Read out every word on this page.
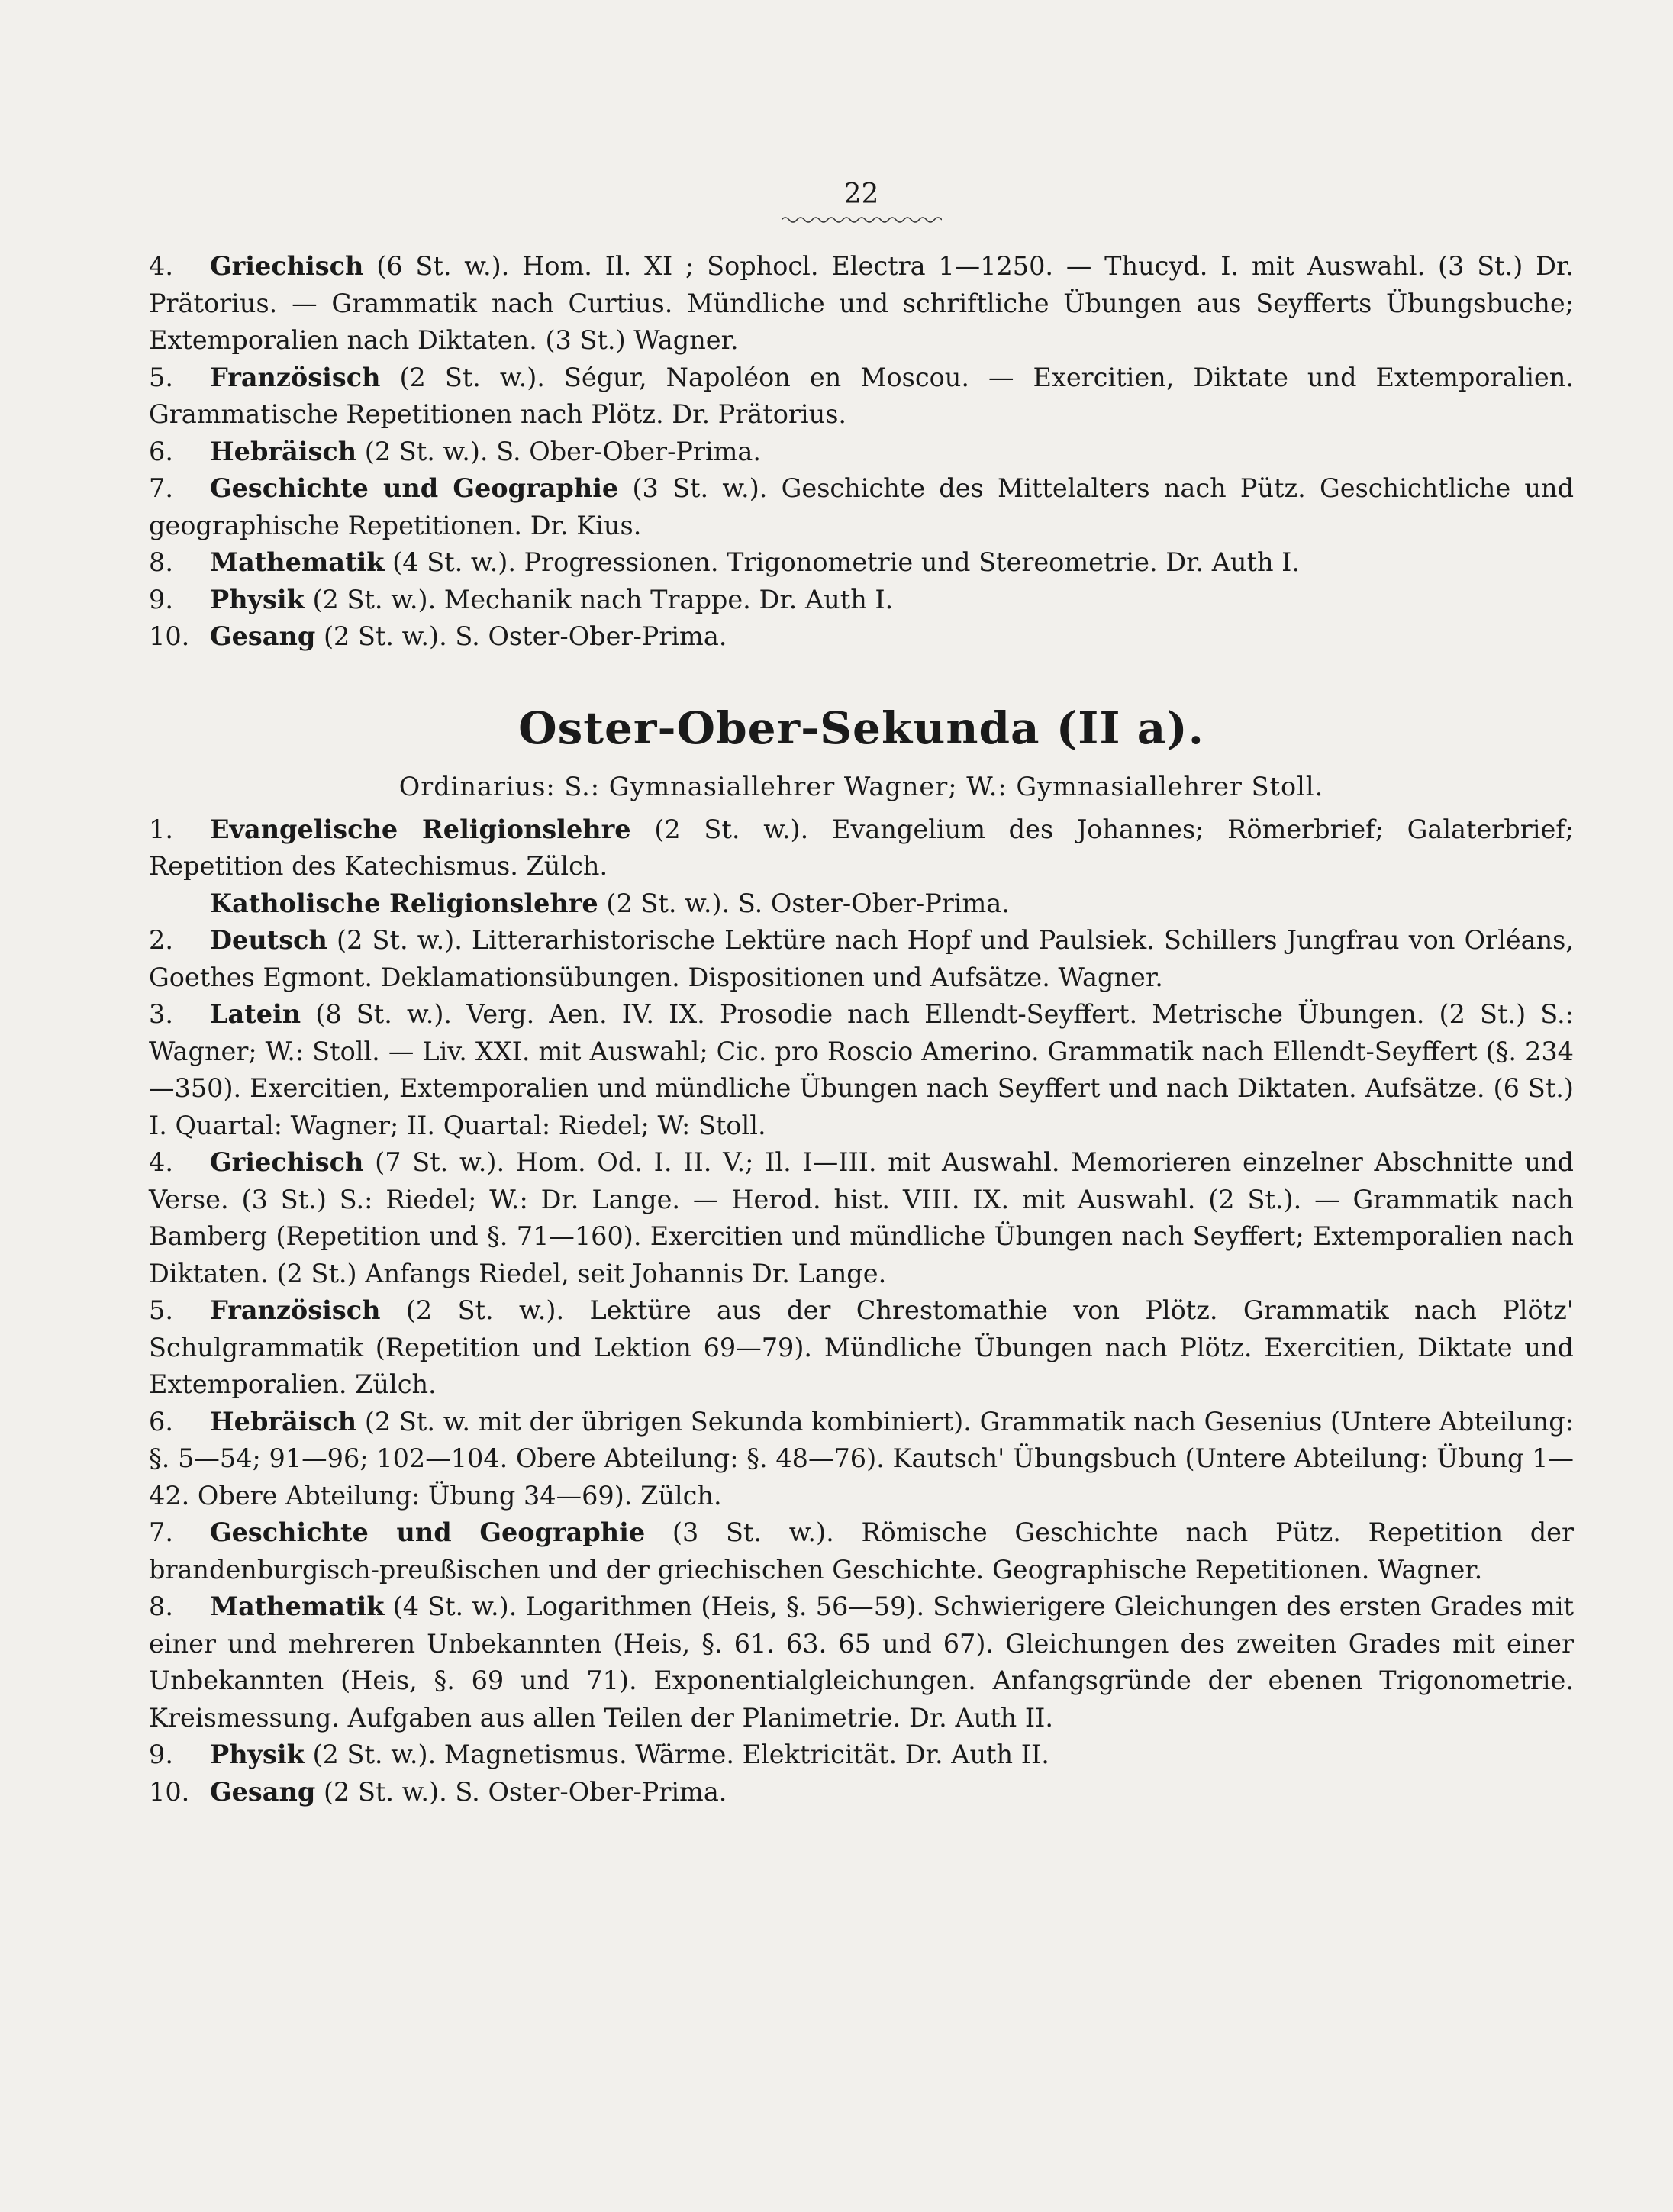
22

4. Griechisch (6 St. w.). Hom. Il. XI ; Sophocl. Electra 1—1250. — Thucyd. I. mit Auswahl. (3 St.) Dr. Prätorius. — Grammatik nach Curtius. Mündliche und schriftliche Übungen aus Seyfferts Übungsbuche; Extemporalien nach Diktaten. (3 St.) Wagner.

5. Französisch (2 St. w.). Ségur, Napoléon en Moscou. — Exercitien, Diktate und Extemporalien. Grammatische Repetitionen nach Plötz. Dr. Prätorius.

6. Hebräisch (2 St. w.). S. Ober-Ober-Prima.

7. Geschichte und Geographie (3 St. w.). Geschichte des Mittelalters nach Pütz. Geschichtliche und geographische Repetitionen. Dr. Kius.

8. Mathematik (4 St. w.). Progressionen. Trigonometrie und Stereometrie. Dr. Auth I.

9. Physik (2 St. w.). Mechanik nach Trappe. Dr. Auth I.

10. Gesang (2 St. w.). S. Oster-Ober-Prima.

Oster-Ober-Sekunda (II a).
Ordinarius: S.: Gymnasiallehrer Wagner; W.: Gymnasiallehrer Stoll.

1. Evangelische Religionslehre (2 St. w.). Evangelium des Johannes; Römerbrief; Galaterbrief; Repetition des Katechismus. Zülch.

Katholische Religionslehre (2 St. w.). S. Oster-Ober-Prima.

2. Deutsch (2 St. w.). Litterarhistorische Lektüre nach Hopf und Paulsiek. Schillers Jungfrau von Orléans, Goethes Egmont. Deklamationsübungen. Dispositionen und Aufsätze. Wagner.

3. Latein (8 St. w.). Verg. Aen. IV. IX. Prosodie nach Ellendt-Seyffert. Metrische Übungen. (2 St.) S.: Wagner; W.: Stoll. — Liv. XXI. mit Auswahl; Cic. pro Roscio Amerino. Grammatik nach Ellendt-Seyffert (§. 234—350). Exercitien, Extemporalien und mündliche Übungen nach Seyffert und nach Diktaten. Aufsätze. (6 St.) I. Quartal: Wagner; II. Quartal: Riedel; W: Stoll.

4. Griechisch (7 St. w.). Hom. Od. I. II. V.; Il. I—III. mit Auswahl. Memorieren einzelner Abschnitte und Verse. (3 St.) S.: Riedel; W.: Dr. Lange. — Herod. hist. VIII. IX. mit Auswahl. (2 St.). — Grammatik nach Bamberg (Repetition und §. 71—160). Exercitien und mündliche Übungen nach Seyffert; Extemporalien nach Diktaten. (2 St.) Anfangs Riedel, seit Johannis Dr. Lange.

5. Französisch (2 St. w.). Lektüre aus der Chrestomathie von Plötz. Grammatik nach Plötz' Schulgrammatik (Repetition und Lektion 69—79). Mündliche Übungen nach Plötz. Exercitien, Diktate und Extemporalien. Zülch.

6. Hebräisch (2 St. w. mit der übrigen Sekunda kombiniert). Grammatik nach Gesenius (Untere Abteilung: §. 5—54; 91—96; 102—104. Obere Abteilung: §. 48—76). Kautsch' Übungsbuch (Untere Abteilung: Übung 1—42. Obere Abteilung: Übung 34—69). Zülch.

7. Geschichte und Geographie (3 St. w.). Römische Geschichte nach Pütz. Repetition der brandenburgisch-preußischen und der griechischen Geschichte. Geographische Repetitionen. Wagner.

8. Mathematik (4 St. w.). Logarithmen (Heis, §. 56—59). Schwierigere Gleichungen des ersten Grades mit einer und mehreren Unbekannten (Heis, §. 61. 63. 65 und 67). Gleichungen des zweiten Grades mit einer Unbekannten (Heis, §. 69 und 71). Exponentialgleichungen. Anfangsgründe der ebenen Trigonometrie. Kreismessung. Aufgaben aus allen Teilen der Planimetrie. Dr. Auth II.

9. Physik (2 St. w.). Magnetismus. Wärme. Elektricität. Dr. Auth II.

10. Gesang (2 St. w.). S. Oster-Ober-Prima.
